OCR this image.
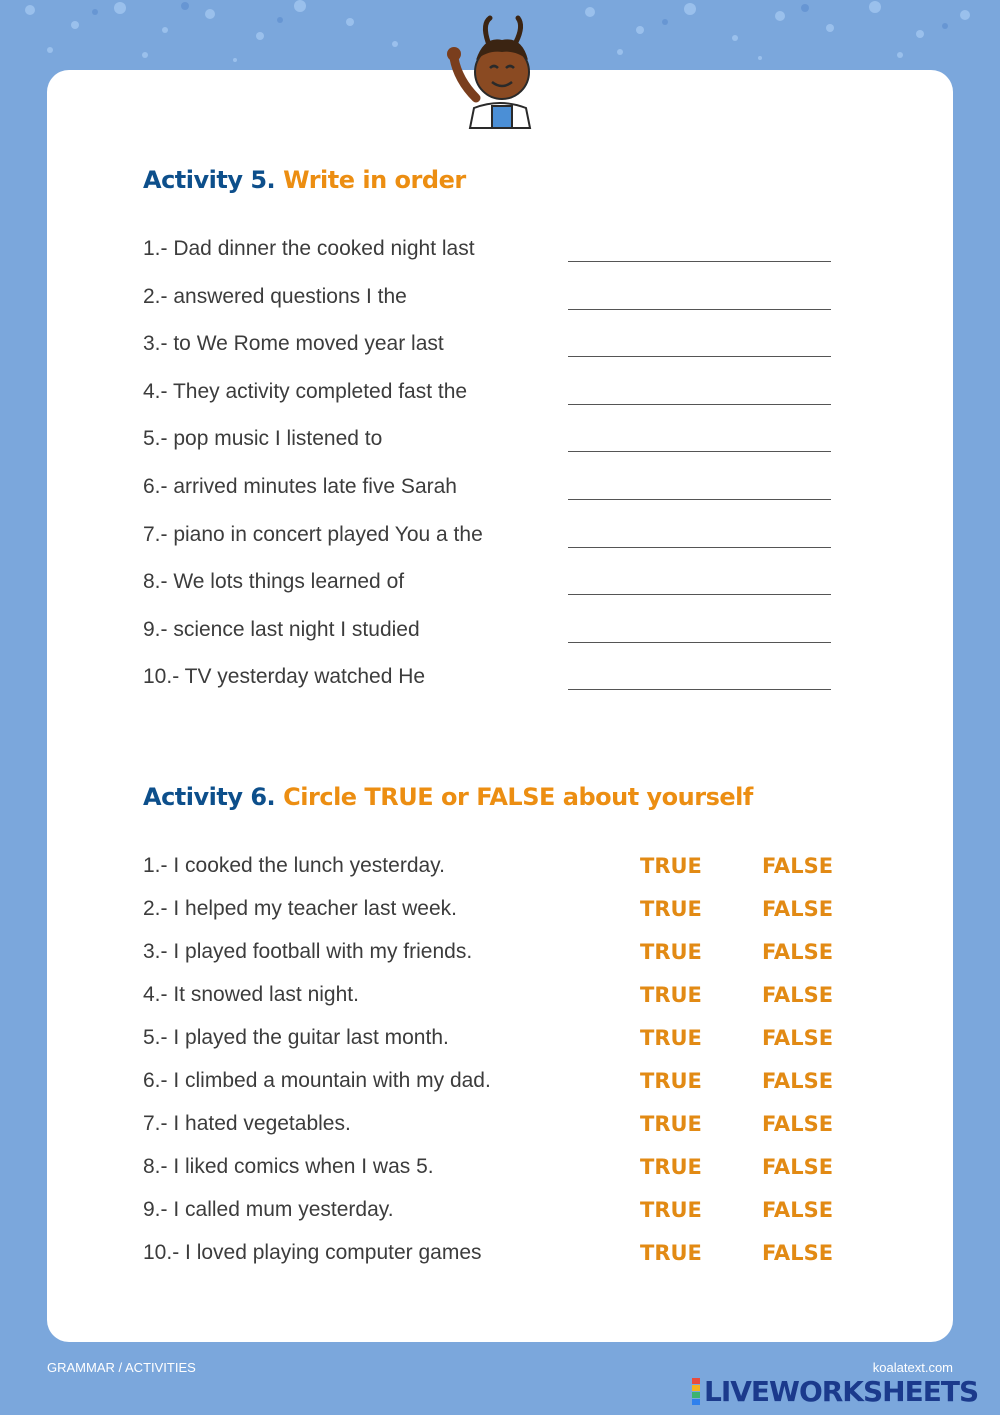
Activity 5. Write in order
1.- Dad dinner the cooked night last
2.- answered questions I the
3.- to We Rome moved year last
4.- They activity completed fast the
5.- pop music I listened to
6.- arrived minutes late five Sarah
7.- piano in concert played You a the
8.- We lots things learned of
9.- science last night I studied
10.- TV yesterday watched He
Activity 6. Circle TRUE or FALSE about yourself
1.- I cooked the lunch yesterday.	TRUE	FALSE
2.- I helped my teacher last week.	TRUE	FALSE
3.- I played football with my friends.	TRUE	FALSE
4.- It snowed last night.	TRUE	FALSE
5.- I played the guitar last month.	TRUE	FALSE
6.- I climbed a mountain with my dad.	TRUE	FALSE
7.- I hated vegetables.	TRUE	FALSE
8.- I liked comics when I was 5.	TRUE	FALSE
9.- I called mum yesterday.	TRUE	FALSE
10.- I loved playing computer games	TRUE	FALSE
GRAMMAR / ACTIVITIES	koalatext.com
LIVEWORKSHEETS
